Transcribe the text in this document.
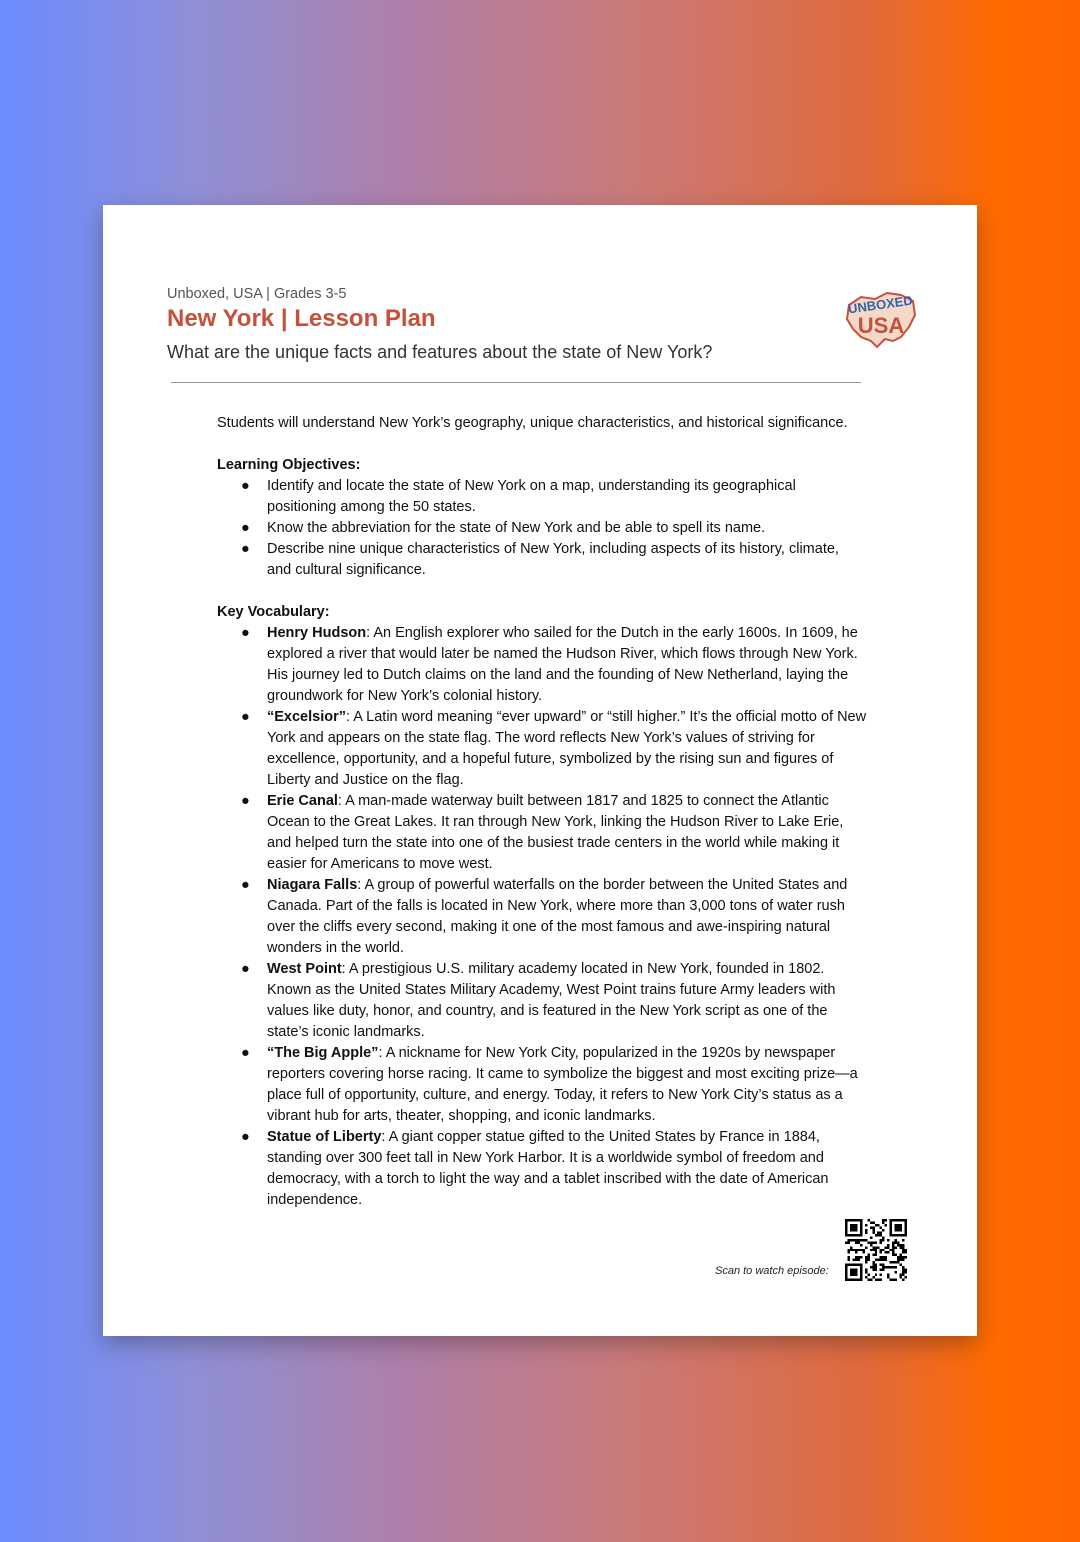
Unboxed, USA | Grades 3-5
New York | Lesson Plan
What are the unique facts and features about the state of New York?
UNBOXED
USA

Students will understand New York’s geography, unique characteristics, and historical significance.

Learning Objectives:
● Identify and locate the state of New York on a map, understanding its geographical positioning among the 50 states.
● Know the abbreviation for the state of New York and be able to spell its name.
● Describe nine unique characteristics of New York, including aspects of its history, climate, and cultural significance.
Key Vocabulary:
● Henry Hudson: An English explorer who sailed for the Dutch in the early 1600s. In 1609, he explored a river that would later be named the Hudson River, which flows through New York. His journey led to Dutch claims on the land and the founding of New Netherland, laying the groundwork for New York’s colonial history.
● “Excelsior”: A Latin word meaning “ever upward” or “still higher.” It’s the official motto of New York and appears on the state flag. The word reflects New York’s values of striving for excellence, opportunity, and a hopeful future, symbolized by the rising sun and figures of Liberty and Justice on the flag.
● Erie Canal: A man-made waterway built between 1817 and 1825 to connect the Atlantic Ocean to the Great Lakes. It ran through New York, linking the Hudson River to Lake Erie, and helped turn the state into one of the busiest trade centers in the world while making it easier for Americans to move west.
● Niagara Falls: A group of powerful waterfalls on the border between the United States and Canada. Part of the falls is located in New York, where more than 3,000 tons of water rush over the cliffs every second, making it one of the most famous and awe-inspiring natural wonders in the world.
● West Point: A prestigious U.S. military academy located in New York, founded in 1802. Known as the United States Military Academy, West Point trains future Army leaders with values like duty, honor, and country, and is featured in the New York script as one of the state’s iconic landmarks.
● “The Big Apple”: A nickname for New York City, popularized in the 1920s by newspaper reporters covering horse racing. It came to symbolize the biggest and most exciting prize—a place full of opportunity, culture, and energy. Today, it refers to New York City’s status as a vibrant hub for arts, theater, shopping, and iconic landmarks.
● Statue of Liberty: A giant copper statue gifted to the United States by France in 1884, standing over 300 feet tall in New York Harbor. It is a worldwide symbol of freedom and democracy, with a torch to light the way and a tablet inscribed with the date of American independence.
Scan to watch episode:
